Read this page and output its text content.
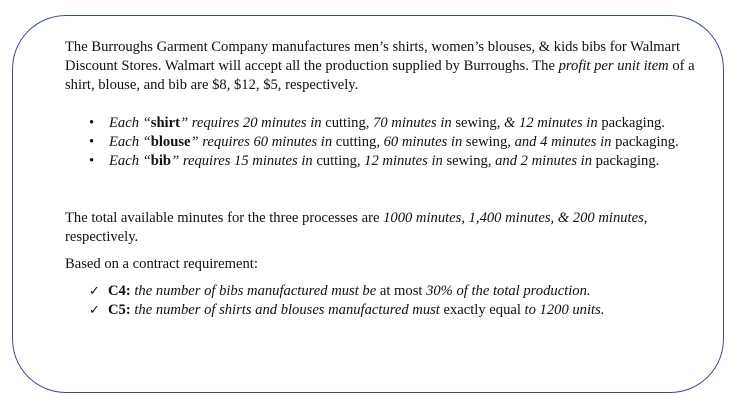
The Burroughs Garment Company manufactures men’s shirts, women’s blouses, & kids bibs for Walmart Discount Stores. Walmart will accept all the production supplied by Burroughs. The profit per unit item of a shirt, blouse, and bib are $8, $12, $5, respectively.

• Each “shirt” requires 20 minutes in cutting, 70 minutes in sewing, & 12 minutes in packaging.
• Each “blouse” requires 60 minutes in cutting, 60 minutes in sewing, and 4 minutes in packaging.
• Each “bib” requires 15 minutes in cutting, 12 minutes in sewing, and 2 minutes in packaging.

The total available minutes for the three processes are 1000 minutes, 1,400 minutes, & 200 minutes, respectively.

Based on a contract requirement:

✓ C4: the number of bibs manufactured must be at most 30% of the total production.
✓ C5: the number of shirts and blouses manufactured must exactly equal to 1200 units.
